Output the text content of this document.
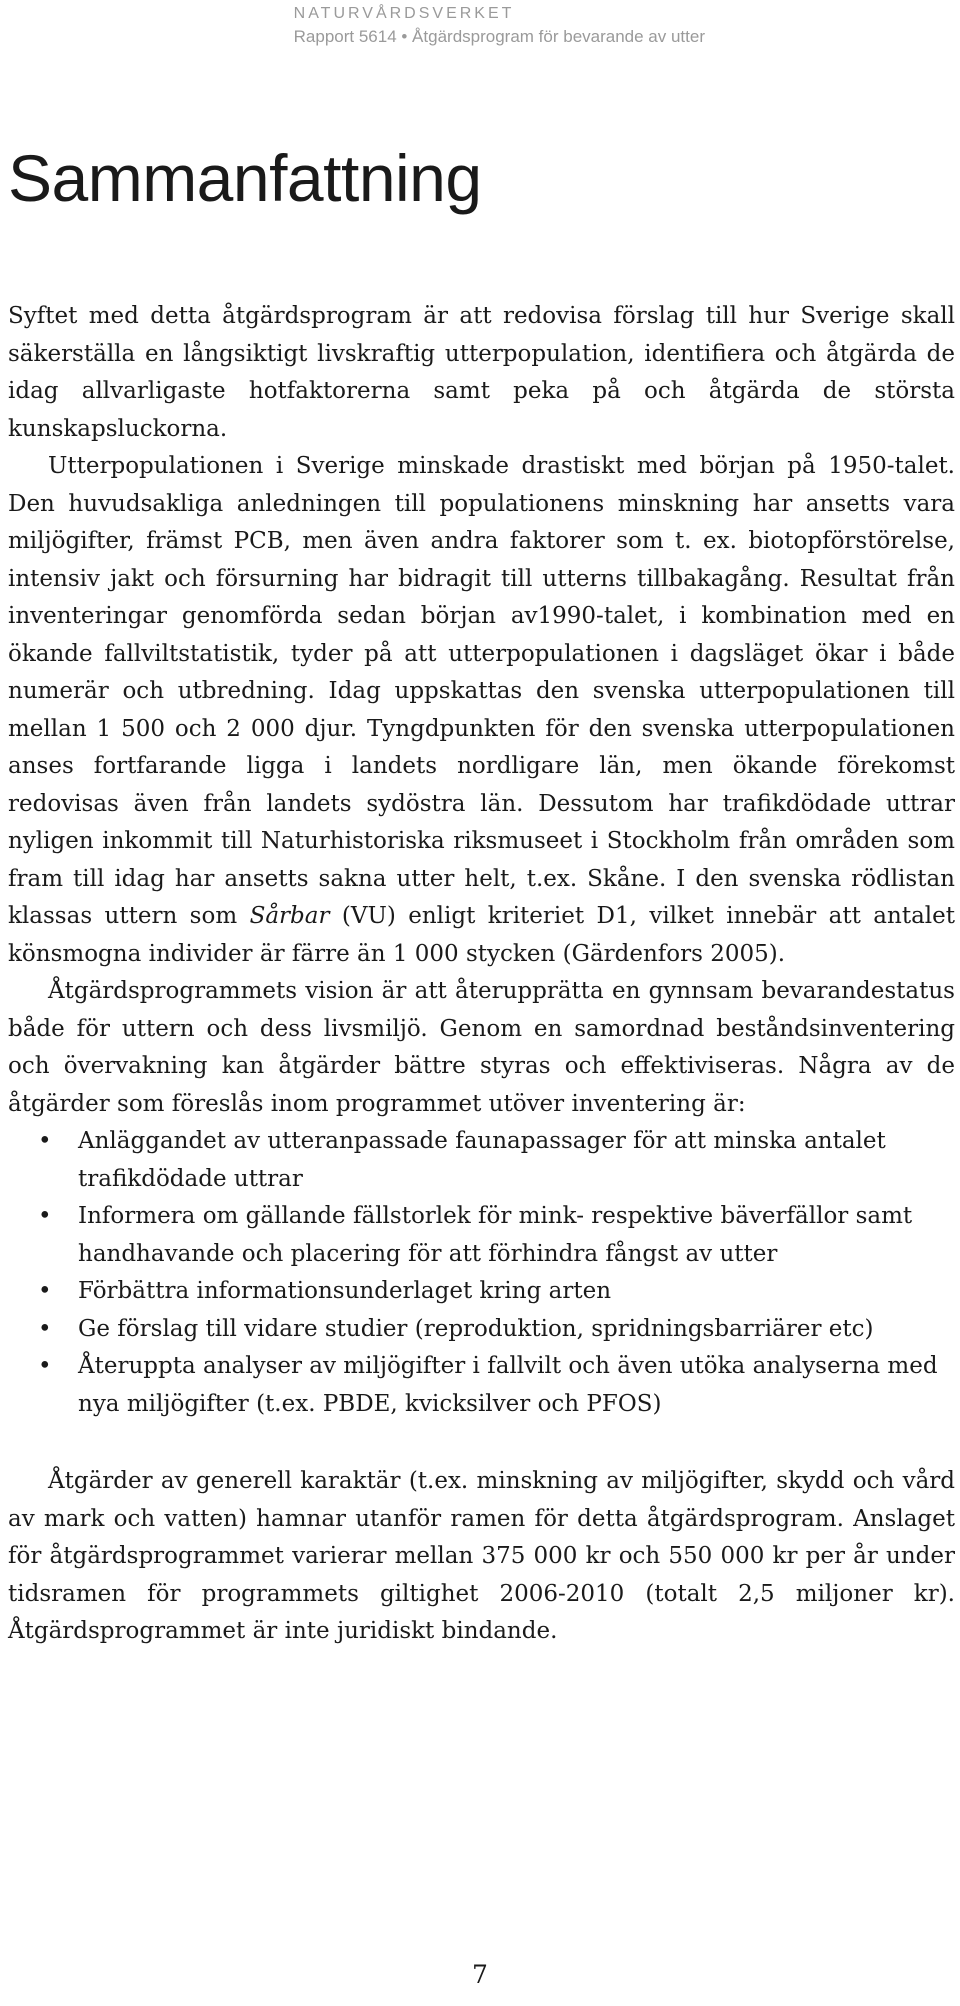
NATURVÅRDSVERKET
Rapport 5614 • Åtgärdsprogram för bevarande av utter
Sammanfattning

Syftet med detta åtgärdsprogram är att redovisa förslag till hur Sverige skall säkerställa en långsiktigt livskraftig utterpopulation, identifiera och åtgärda de idag allvarligaste hotfaktorerna samt peka på och åtgärda de största kunskapsluckorna.

Utterpopulationen i Sverige minskade drastiskt med början på 1950-talet. Den huvudsakliga anledningen till populationens minskning har ansetts vara miljögifter, främst PCB, men även andra faktorer som t. ex. biotopförstörelse, intensiv jakt och försurning har bidragit till utterns tillbakagång. Resultat från inventeringar genomförda sedan början av1990-talet, i kombination med en ökande fallviltstatistik, tyder på att utterpopulationen i dagsläget ökar i både numerär och utbredning. Idag uppskattas den svenska utterpopulationen till mellan 1 500 och 2 000 djur. Tyngdpunkten för den svenska utterpopulationen anses fortfarande ligga i landets nordligare län, men ökande förekomst redovisas även från landets sydöstra län. Dessutom har trafikdödade uttrar nyligen inkommit till Naturhistoriska riksmuseet i Stockholm från områden som fram till idag har ansetts sakna utter helt, t.ex. Skåne. I den svenska rödlistan klassas uttern som Sårbar (VU) enligt kriteriet D1, vilket innebär att antalet könsmogna individer är färre än 1 000 stycken (Gärdenfors 2005).

Åtgärdsprogrammets vision är att återupprätta en gynnsam bevarandestatus både för uttern och dess livsmiljö. Genom en samordnad beståndsinventering och övervakning kan åtgärder bättre styras och effektiviseras. Några av de åtgärder som föreslås inom programmet utöver inventering är:

• Anläggandet av utteranpassade faunapassager för att minska antalet trafikdödade uttrar
• Informera om gällande fällstorlek för mink- respektive bäverfällor samt handhavande och placering för att förhindra fångst av utter
• Förbättra informationsunderlaget kring arten
• Ge förslag till vidare studier (reproduktion, spridningsbarriärer etc)
• Återuppta analyser av miljögifter i fallvilt och även utöka analyserna med nya miljögifter (t.ex. PBDE, kvicksilver och PFOS)

Åtgärder av generell karaktär (t.ex. minskning av miljögifter, skydd och vård av mark och vatten) hamnar utanför ramen för detta åtgärdsprogram. Anslaget för åtgärdsprogrammet varierar mellan 375 000 kr och 550 000 kr per år under tidsramen för programmets giltighet 2006-2010 (totalt 2,5 miljoner kr). Åtgärdsprogrammet är inte juridiskt bindande.

7
